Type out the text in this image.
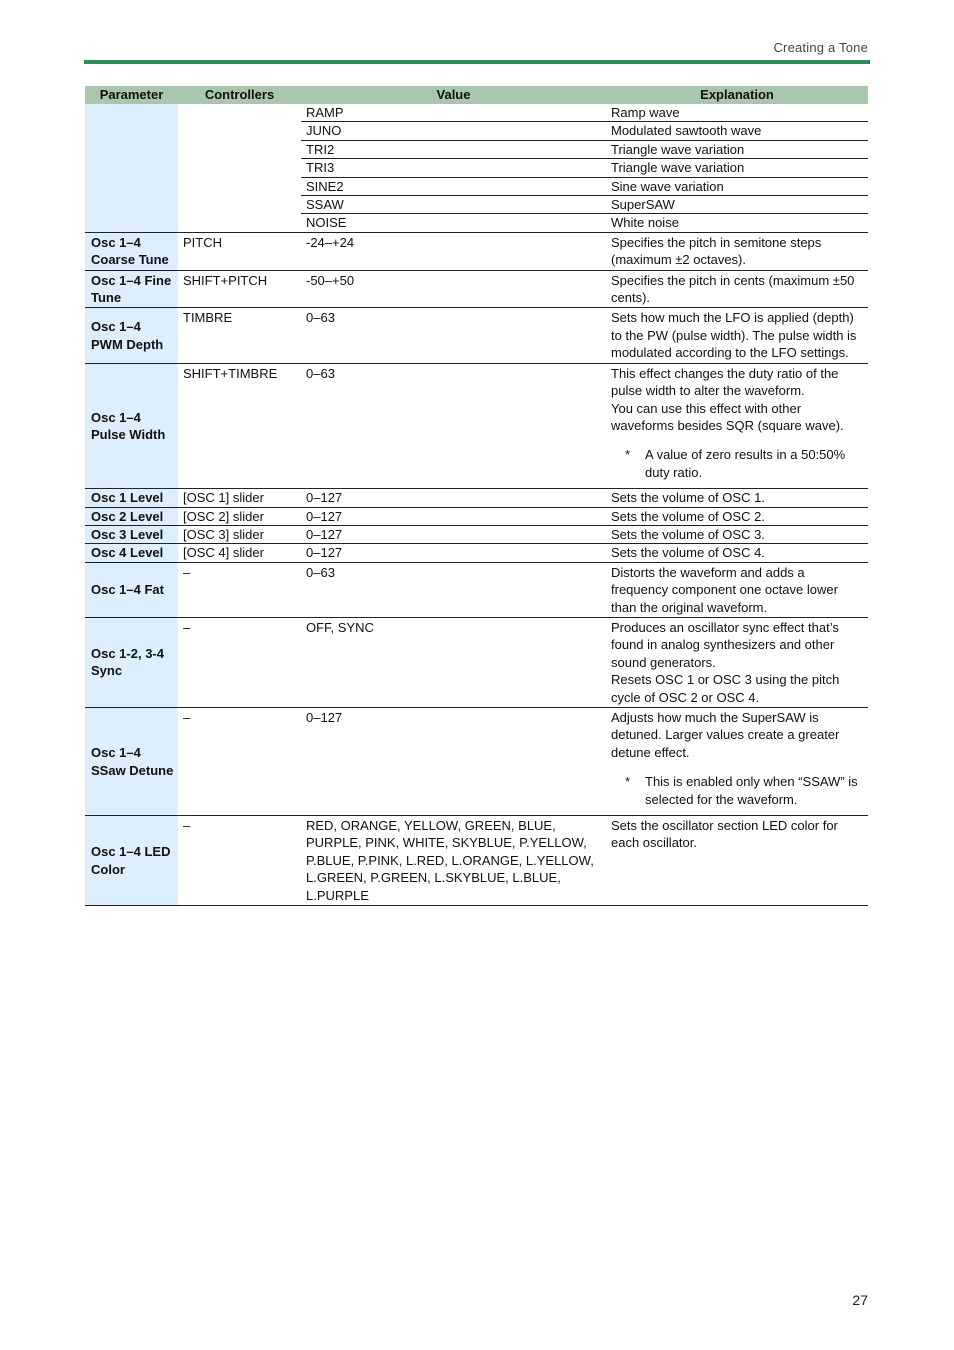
Creating a Tone
Parameter	Controllers	Value	Explanation
		RAMP	Ramp wave
		JUNO	Modulated sawtooth wave
		TRI2	Triangle wave variation
		TRI3	Triangle wave variation
		SINE2	Sine wave variation
		SSAW	SuperSAW
		NOISE	White noise
Osc 1–4 Coarse Tune	PITCH	-24–+24	Specifies the pitch in semitone steps (maximum ±2 octaves).
Osc 1–4 Fine Tune	SHIFT+PITCH	-50–+50	Specifies the pitch in cents (maximum ±50 cents).
Osc 1–4 PWM Depth	TIMBRE	0–63	Sets how much the LFO is applied (depth) to the PW (pulse width). The pulse width is modulated according to the LFO settings.
Osc 1–4 Pulse Width	SHIFT+TIMBRE	0–63	This effect changes the duty ratio of the pulse width to alter the waveform.
You can use this effect with other waveforms besides SQR (square wave).
* A value of zero results in a 50:50% duty ratio.

Osc 1 Level	[OSC 1] slider	0–127	Sets the volume of OSC 1.
Osc 2 Level	[OSC 2] slider	0–127	Sets the volume of OSC 2.
Osc 3 Level	[OSC 3] slider	0–127	Sets the volume of OSC 3.
Osc 4 Level	[OSC 4] slider	0–127	Sets the volume of OSC 4.
Osc 1–4 Fat	–	0–63	Distorts the waveform and adds a frequency component one octave lower than the original waveform.
Osc 1-2, 3-4 Sync	–	OFF, SYNC	Produces an oscillator sync effect that’s found in analog synthesizers and other sound generators.
Resets OSC 1 or OSC 3 using the pitch cycle of OSC 2 or OSC 4.

Osc 1–4 SSaw Detune	–	0–127	Adjusts how much the SuperSAW is detuned. Larger values create a greater detune effect.
* This is enabled only when “SSAW” is selected for the waveform.

Osc 1–4 LED Color	–	RED, ORANGE, YELLOW, GREEN, BLUE, PURPLE, PINK, WHITE, SKYBLUE, P.YELLOW, P.BLUE, P.PINK, L.RED, L.ORANGE, L.YELLOW, L.GREEN, P.GREEN, L.SKYBLUE, L.BLUE, L.PURPLE	Sets the oscillator section LED color for each oscillator.
27
